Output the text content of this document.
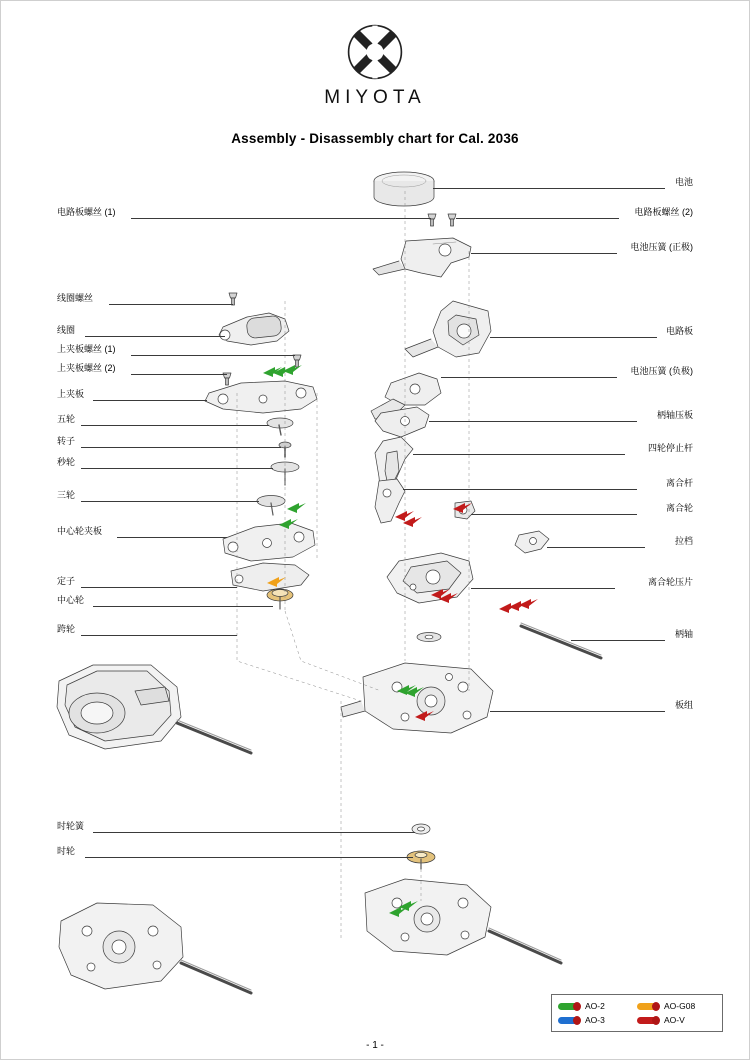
MIYOTA
Assembly - Disassembly chart for Cal. 2036
电路板螺丝 (1)
线圈螺丝
线圈
上夹板螺丝 (1)
上夹板螺丝 (2)
上夹板
五轮
转子
秒轮
三轮
中心轮夹板
定子
中心轮
跨轮
时轮簧
时轮
电池
电路板螺丝 (2)
电池压簧 (正极)
电路板
电池压簧 (负极)
柄轴压板
四轮停止杆
离合杆
离合轮
拉档
离合轮压片
柄轴
板组
AO-2	AO-G08
AO-3	AO-V
- 1 -
